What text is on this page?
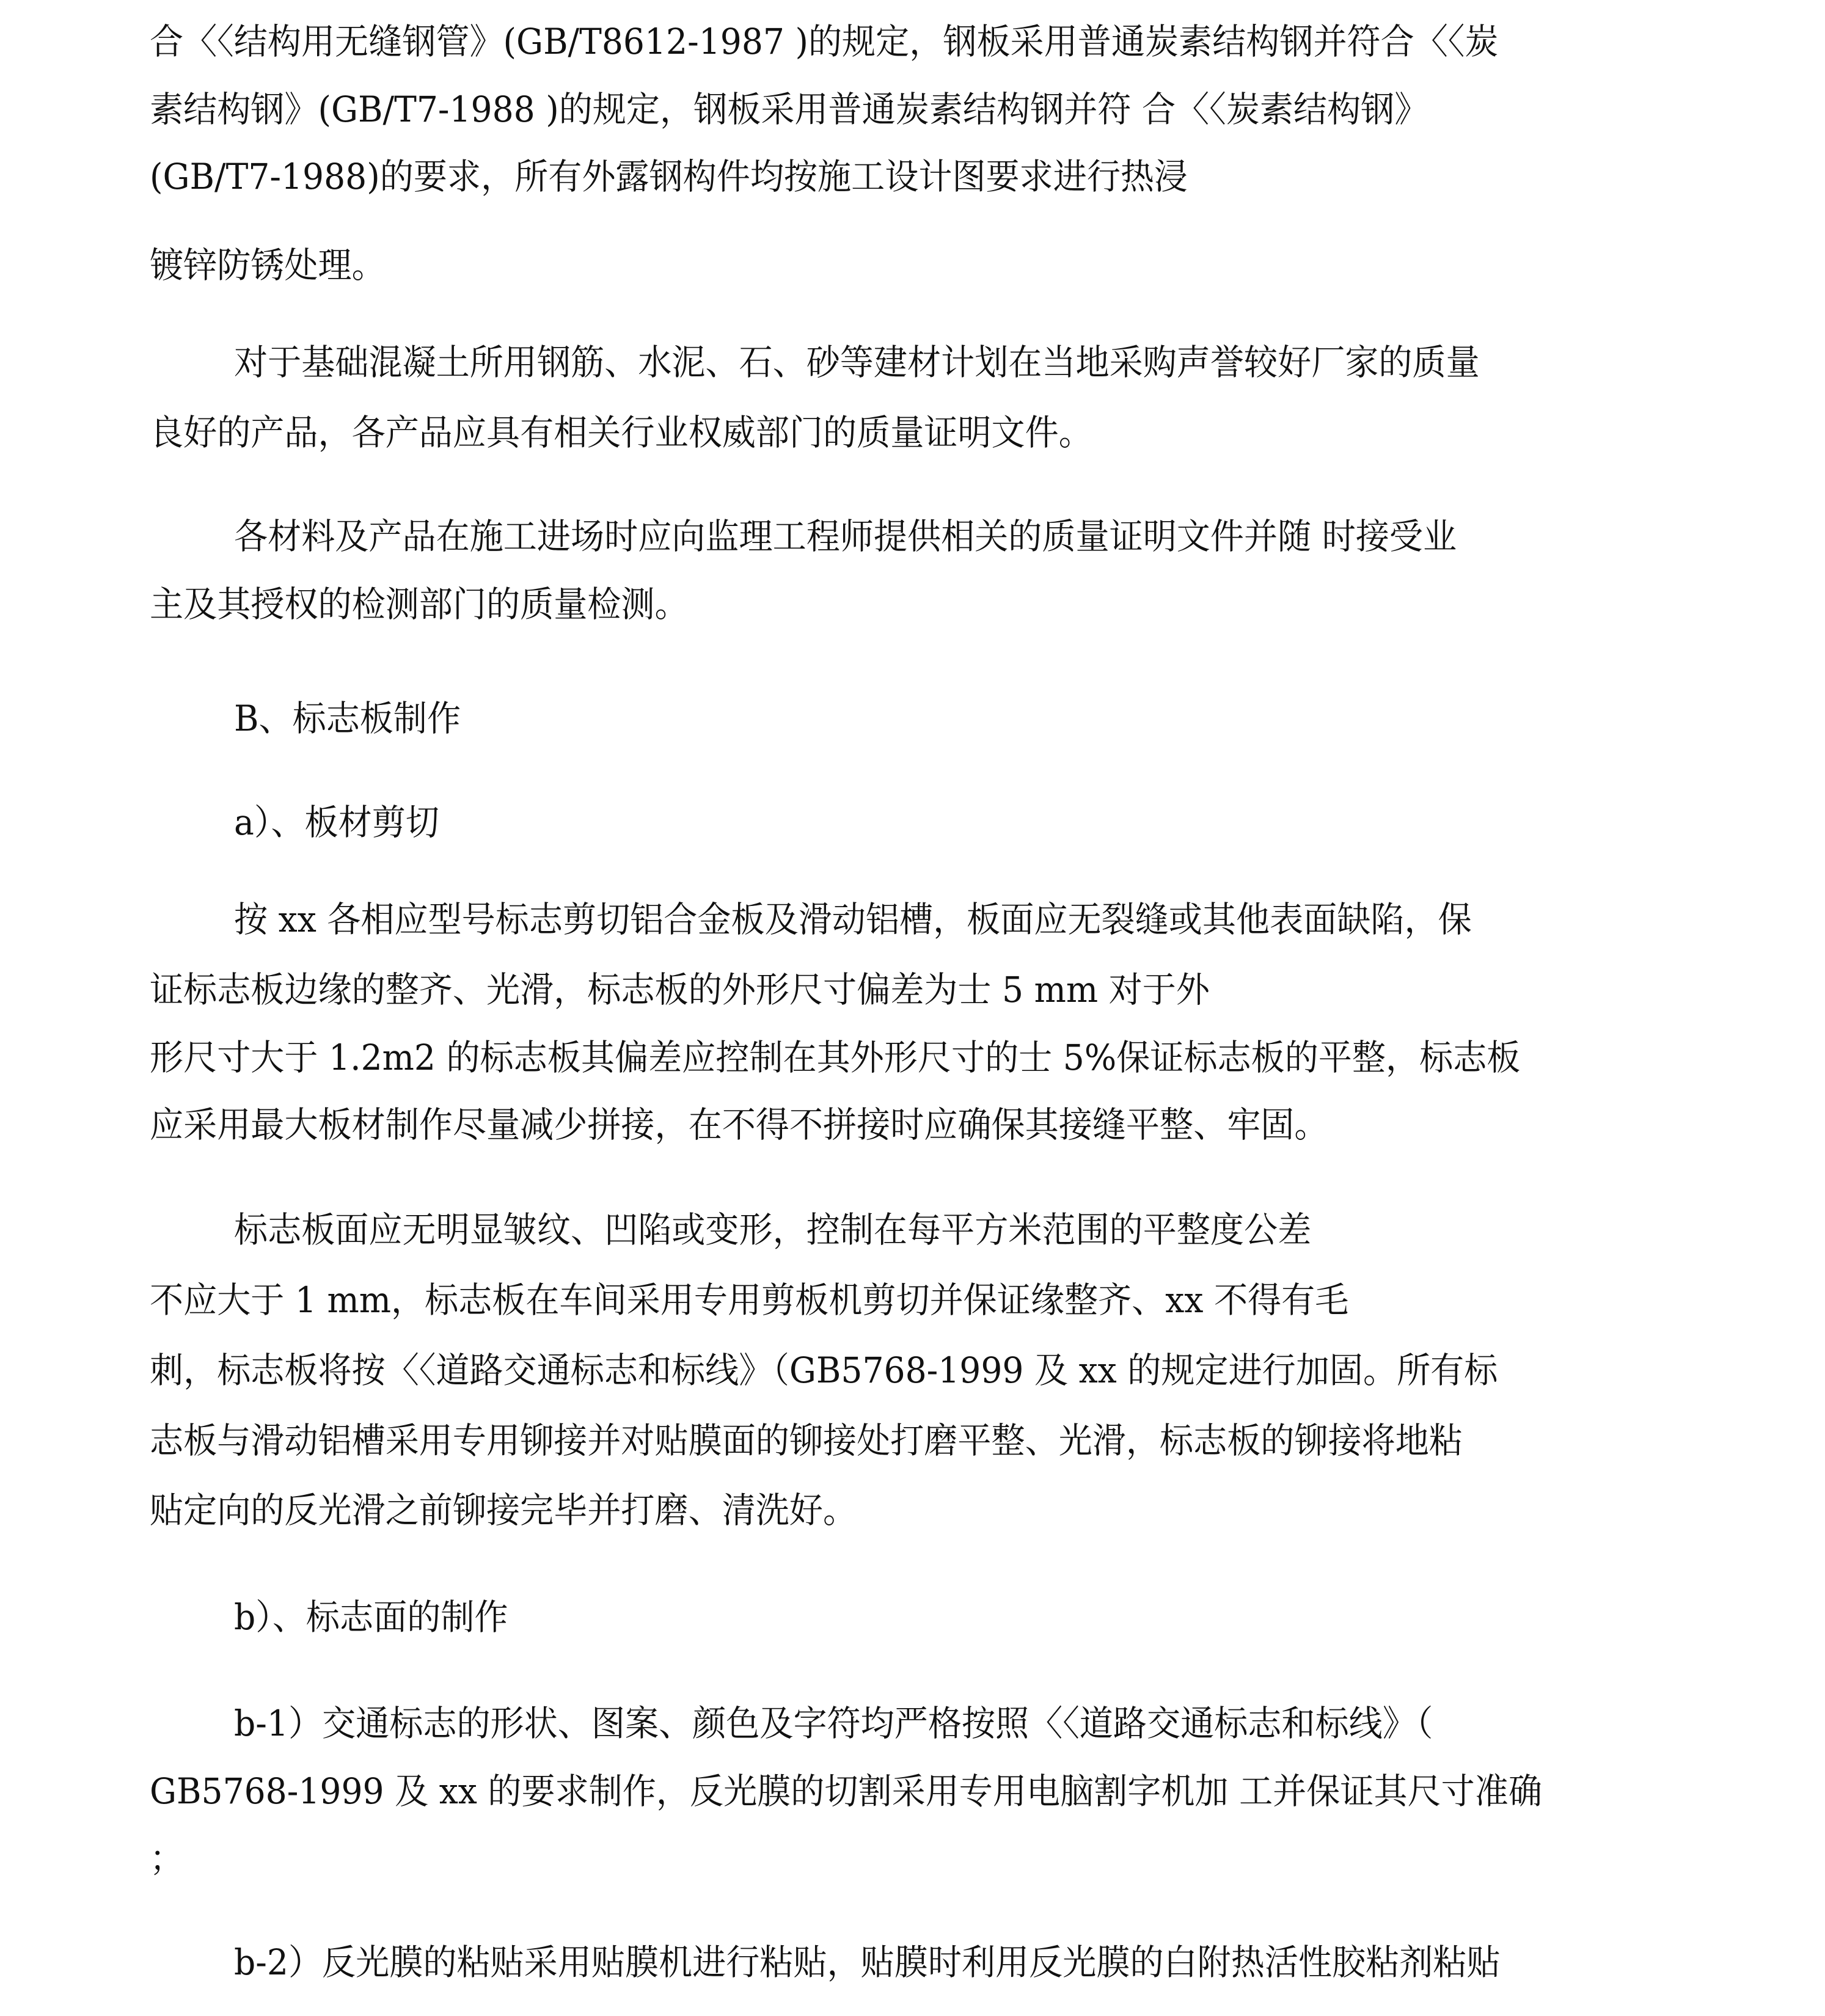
合〈〈结构用无缝钢管》(GB/T8612-1987 )的规定，钢板采用普通炭素结构钢并符合〈〈炭
素结构钢》(GB/T7-1988 )的规定，钢板采用普通炭素结构钢并符 合〈〈炭素结构钢》
(GB/T7-1988)的要求，所有外露钢构件均按施工设计图要求进行热浸
镀锌防锈处理。
对于基础混凝土所用钢筋、水泥、石、砂等建材计划在当地采购声誉较好厂家的质量
良好的产品，各产品应具有相关行业权威部门的质量证明文件。
各材料及产品在施工进场时应向监理工程师提供相关的质量证明文件并随 时接受业
主及其授权的检测部门的质量检测。
B、标志板制作
a）、板材剪切
按 xx 各相应型号标志剪切铝合金板及滑动铝槽，板面应无裂缝或其他表面缺陷，保
证标志板边缘的整齐、光滑，标志板的外形尺寸偏差为士 5 mm 对于外
形尺寸大于 1.2m2 的标志板其偏差应控制在其外形尺寸的士 5%保证标志板的平整，标志板
应采用最大板材制作尽量减少拼接，在不得不拼接时应确保其接缝平整、牢固。
标志板面应无明显皱纹、凹陷或变形，控制在每平方米范围的平整度公差
不应大于 1 mm，标志板在车间采用专用剪板机剪切并保证缘整齐、xx 不得有毛
刺，标志板将按〈〈道路交通标志和标线》（GB5768-1999 及 xx 的规定进行加固。所有标
志板与滑动铝槽采用专用铆接并对贴膜面的铆接处打磨平整、光滑，标志板的铆接将地粘
贴定向的反光滑之前铆接完毕并打磨、清洗好。
b）、标志面的制作
b-1）交通标志的形状、图案、颜色及字符均严格按照〈〈道路交通标志和标线》（
GB5768-1999 及 xx 的要求制作，反光膜的切割采用专用电脑割字机加 工并保证其尺寸准确
；
b-2）反光膜的粘贴采用贴膜机进行粘贴，贴膜时利用反光膜的白附热活性胶粘剂粘贴
